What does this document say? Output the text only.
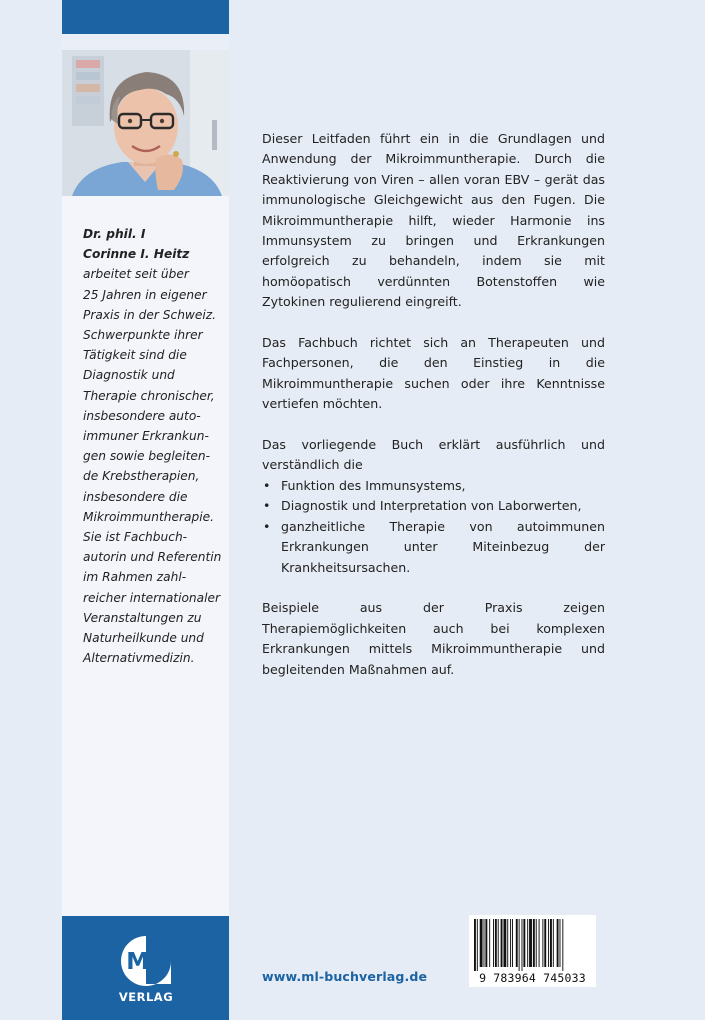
Dr. phil. I
Corinne I. Heitz
arbeitet seit über
25 Jahren in eigener
Praxis in der Schweiz.
Schwerpunkte ihrer
Tätigkeit sind die
Diagnostik und
Therapie chronischer,
insbesondere auto-
immuner Erkrankun-
gen sowie begleiten-
de Krebstherapien,
insbesondere die
Mikroimmuntherapie.
Sie ist Fachbuch-
autorin und Referentin
im Rahmen zahl-
reicher internationaler
Veranstaltungen zu
Naturheilkunde und
Alternativmedizin.
ML
VERLAG

Dieser Leitfaden führt ein in die Grundlagen und Anwendung der Mikroimmuntherapie. Durch die Reaktivierung von Viren – allen voran EBV – gerät das immunologische Gleichgewicht aus den Fugen. Die Mikroimmuntherapie hilft, wieder Harmonie ins Immunsystem zu bringen und Erkrankungen erfolgreich zu behandeln, indem sie mit homöopatisch verdünnten Botenstoffen wie Zytokinen regulierend eingreift.

Das Fachbuch richtet sich an Therapeuten und Fachpersonen, die den Einstieg in die Mikroimmuntherapie suchen oder ihre Kenntnisse vertiefen möchten.

Das vorliegende Buch erklärt ausführlich und verständlich die

• Funktion des Immunsystems,
• Diagnostik und Interpretation von Laborwerten,
• ganzheitliche Therapie von autoimmunen Erkrankungen unter Miteinbezug der Krankheitsursachen.

Beispiele aus der Praxis zeigen Therapiemöglichkeiten auch bei komplexen Erkrankungen mittels Mikroimmuntherapie und begleitenden Maßnahmen auf.

www.ml-buchverlag.de	9 783964 745033
